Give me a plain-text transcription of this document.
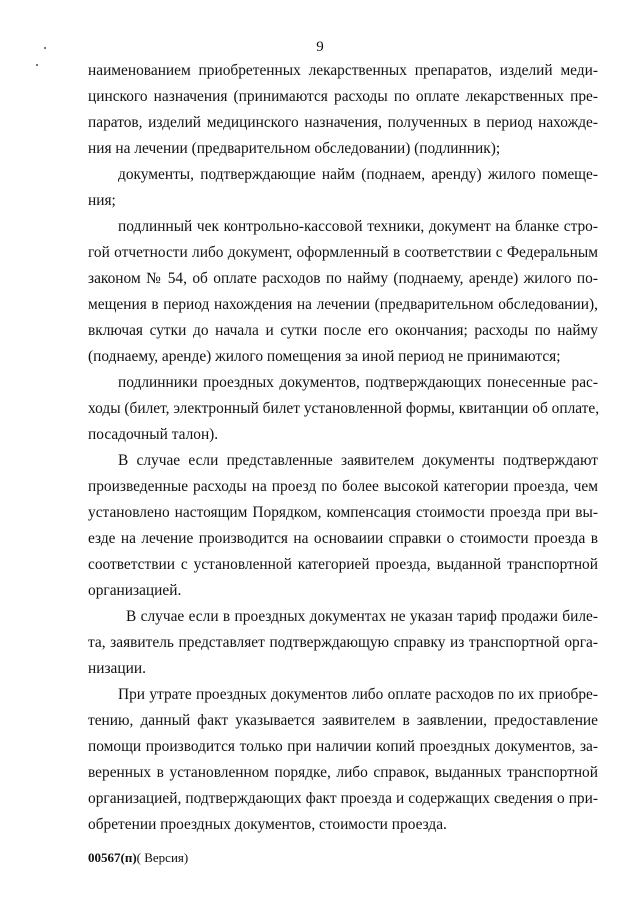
9
наименованием приобретенных лекарственных препаратов, изделий меди-
цинского назначения (принимаются расходы по оплате лекарственных пре-
паратов, изделий медицинского назначения, полученных в период нахожде-
ния на лечении (предварительном обследовании) (подлинник);
документы, подтверждающие найм (поднаем, аренду) жилого помеще-
ния;
подлинный чек контрольно-кассовой техники, документ на бланке стро-
гой отчетности либо документ, оформленный в соответствии с Федеральным
законом № 54, об оплате расходов по найму (поднаему, аренде) жилого по-
мещения в период нахождения на лечении (предварительном обследовании),
включая сутки до начала и сутки после его окончания; расходы по найму
(поднаему, аренде) жилого помещения за иной период не принимаются;
подлинники проездных документов, подтверждающих понесенные рас-
ходы (билет, электронный билет установленной формы, квитанции об оплате,
посадочный талон).
В случае если представленные заявителем документы подтверждают
произведенные расходы на проезд по более высокой категории проезда, чем
установлено настоящим Порядком, компенсация стоимости проезда при вы-
езде на лечение производится на основаиии справки о стоимости проезда в
соответствии с установленной категорией проезда, выданной транспортной
организацией.
В случае если в проездных документах не указан тариф продажи биле-
та, заявитель представляет подтверждающую справку из транспортной орга-
низации.
При утрате проездных документов либо оплате расходов по их приобре-
тению, данный факт указывается заявителем в заявлении, предоставление
помощи производится только при наличии копий проездных документов, за-
веренных в установленном порядке, либо справок, выданных транспортной
организацией, подтверждающих факт проезда и содержащих сведения о при-
обретении проездных документов, стоимости проезда.
00567(п)( Версия)
